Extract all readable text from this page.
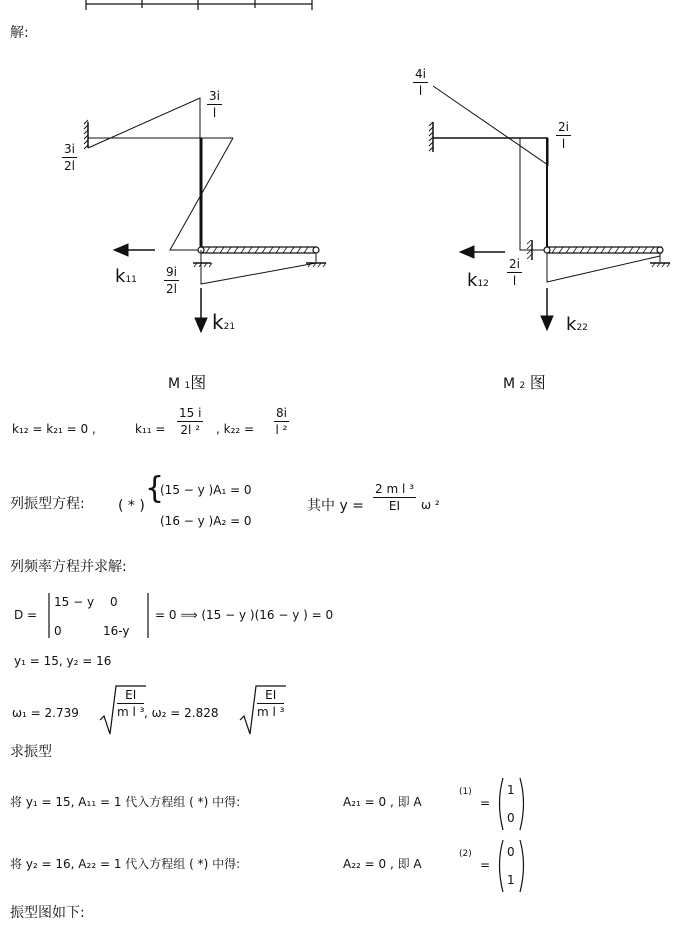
解:
$\frac{3i}{l}$
$\frac{3i}{2l}$
$\frac{9i}{2l}$
k11
k21
M 1图
$\frac{4i}{l}$
$\frac{2i}{l}$
$\frac{2i}{l}$
k12
k22
M 2 图
k₁₂ = k₂₁ = 0 ,	$k_{11} = \frac{15 i}{\text{2l ²}}$ , $k_{22} = \frac{8i}{\text{l ²}}$
列振型方程: ( * ) {
(15 − y )A₁ = 0
(16 − y )A₂ = 0
其中 $y = \frac{\text{2 m l ³}}{EI}$ ω ²
列频率方程并求解:
D =
15 − y 0
0	16-y
= 0 ⟹ (15 − y )(16 − y ) = 0
y₁ = 15, y₂ = 16
ω₁ = 2.739	$\frac{EI}{\text{m l ³}}$ , ω₂ = 2.828	$\frac{EI}{\text{m l ³}}$
求振型
将 y₁ = 15, A₁₁ = 1 代入方程组 ( *) 中得:	A₂₁ = 0 , 即 A
(1)
=
1
0
将 y₂ = 16, A₂₂ = 1 代入方程组 ( *) 中得:	A₂₂ = 0 , 即 A
(2)
=
0
1
振型图如下:
